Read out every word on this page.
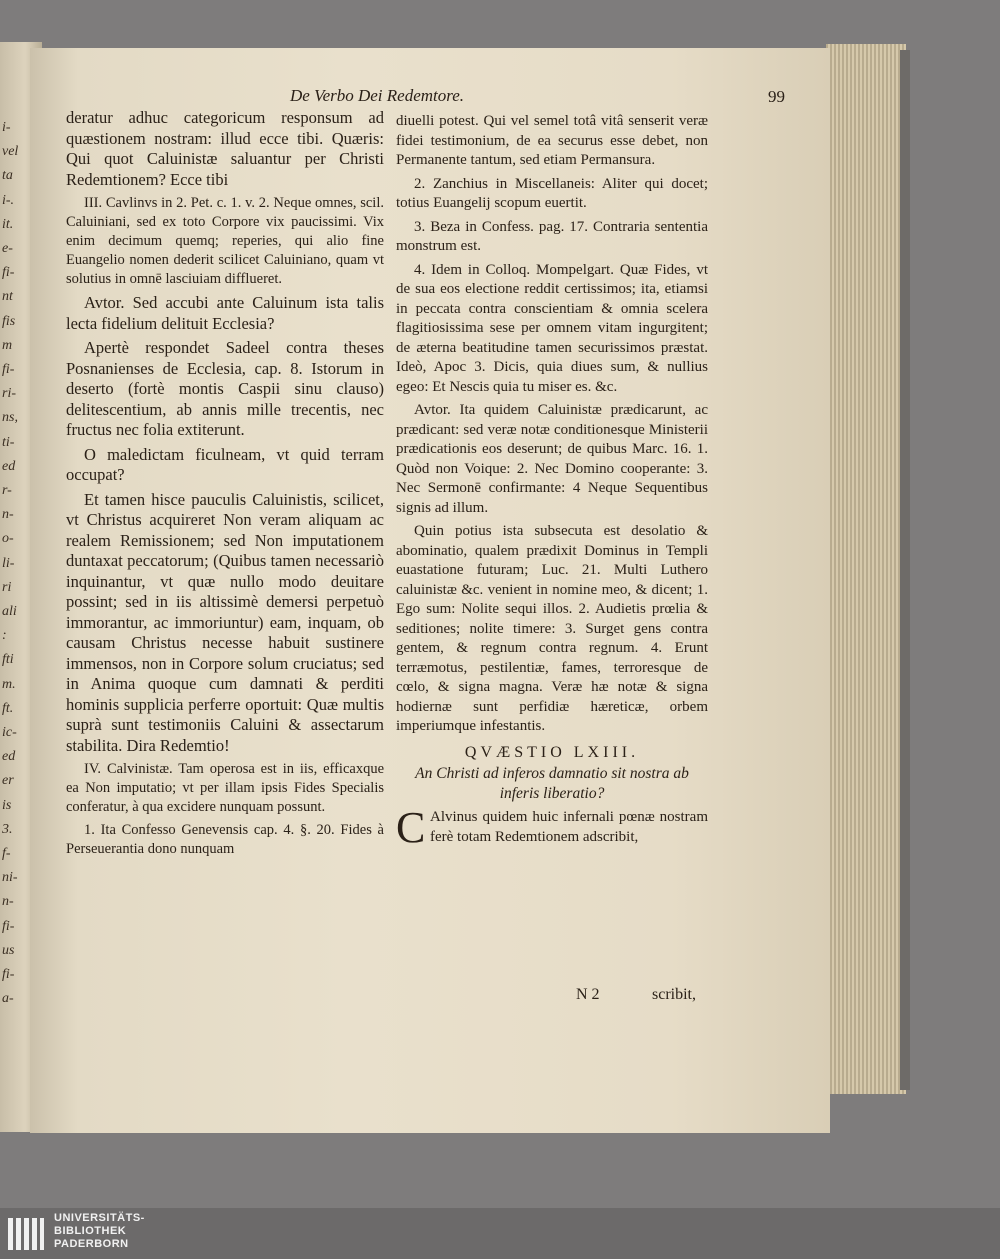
i-
vel
ta
i-.
it.
e-
fi-
nt
fis
m
fi-
ri-
ns,
ti-
ed
r-
n-
o-
li-
ri
ali
:
fti
m.
ft.
ic-
ed
er
is
3.
f-
ni-
n-
fi-
us
fi-
a-
De Verbo Dei Redemtore.	99

deratur adhuc categoricum responsum ad quæstionem nostram: illud ecce tibi. Quæris: Qui quot Caluinistæ saluantur per Christi Redemtionem? Ecce tibi

III. Cavlinvs in 2. Pet. c. 1. v. 2. Neque omnes, scil. Caluiniani, sed ex toto Corpore vix paucissimi. Vix enim decimum quemq; reperies, qui alio fine Euangelio nomen dederit scilicet Caluiniano, quam vt solutius in omnē lasciuiam difflueret.

Avtor. Sed accubi ante Caluinum ista talis lecta fidelium delituit Ecclesia?

Apertè respondet Sadeel contra theses Posnanienses de Ecclesia, cap. 8. Istorum in deserto (fortè montis Caspii sinu clauso) delitescentium, ab annis mille trecentis, nec fructus nec folia extiterunt.

O maledictam ficulneam, vt quid terram occupat?

Et tamen hisce pauculis Caluinistis, scilicet, vt Christus acquireret Non veram aliquam ac realem Remissionem; sed Non imputationem duntaxat peccatorum; (Quibus tamen necessariò inquinantur, vt quæ nullo modo deuitare possint; sed in iis altissimè demersi perpetuò immorantur, ac immoriuntur) eam, inquam, ob causam Christus necesse habuit sustinere immensos, non in Corpore solum cruciatus; sed in Anima quoque cum damnati & perditi hominis supplicia perferre oportuit: Quæ multis suprà sunt testimoniis Caluini & assectarum stabilita. Dira Redemtio!

IV. Calvinistæ. Tam operosa est in iis, efficaxque ea Non imputatio; vt per illam ipsis Fides Specialis conferatur, à qua excidere nunquam possunt.

1. Ita Confesso Genevensis cap. 4. §. 20. Fides à Perseuerantia dono nunquam

diuelli potest. Qui vel semel totâ vitâ senserit veræ fidei testimonium, de ea securus esse debet, non Permanente tantum, sed etiam Permansura.

2. Zanchius in Miscellaneis: Aliter qui docet; totius Euangelij scopum euertit.

3. Beza in Confess. pag. 17. Contraria sententia monstrum est.

4. Idem in Colloq. Mompelgart. Quæ Fides, vt de sua eos electione reddit certissimos; ita, etiamsi in peccata contra conscientiam & omnia scelera flagitiosissima sese per omnem vitam ingurgitent; de æterna beatitudine tamen securissimos præstat. Ideò, Apoc 3. Dicis, quia diues sum, & nullius egeo: Et Nescis quia tu miser es. &c.

Avtor. Ita quidem Caluinistæ prædicarunt, ac prædicant: sed veræ notæ conditionesque Ministerii prædicationis eos deserunt; de quibus Marc. 16. 1. Quòd non Voique: 2. Nec Domino cooperante: 3. Nec Sermonē confirmante: 4 Neque Sequentibus signis ad illum.

Quin potius ista subsecuta est desolatio & abominatio, qualem prædixit Dominus in Templi euastatione futuram; Luc. 21. Multi Luthero caluinistæ &c. venient in nomine meo, & dicent; 1. Ego sum: Nolite sequi illos. 2. Audietis prœlia & seditiones; nolite timere: 3. Surget gens contra gentem, & regnum contra regnum. 4. Erunt terræmotus, pestilentiæ, fames, terroresque de cœlo, & signa magna. Veræ hæ notæ & signa hodiernæ sunt perfidiæ hæreticæ, orbem imperiumque infestantis.

QVÆSTIO LXIII.
An Christi ad inferos damnatio sit nostra ab inferis liberatio?

C Alvinus quidem huic infernali pœnæ nostram ferè totam Redemtionem adscribit,

N 2	scribit,
UNIVERSITÄTS-
BIBLIOTHEK
PADERBORN
